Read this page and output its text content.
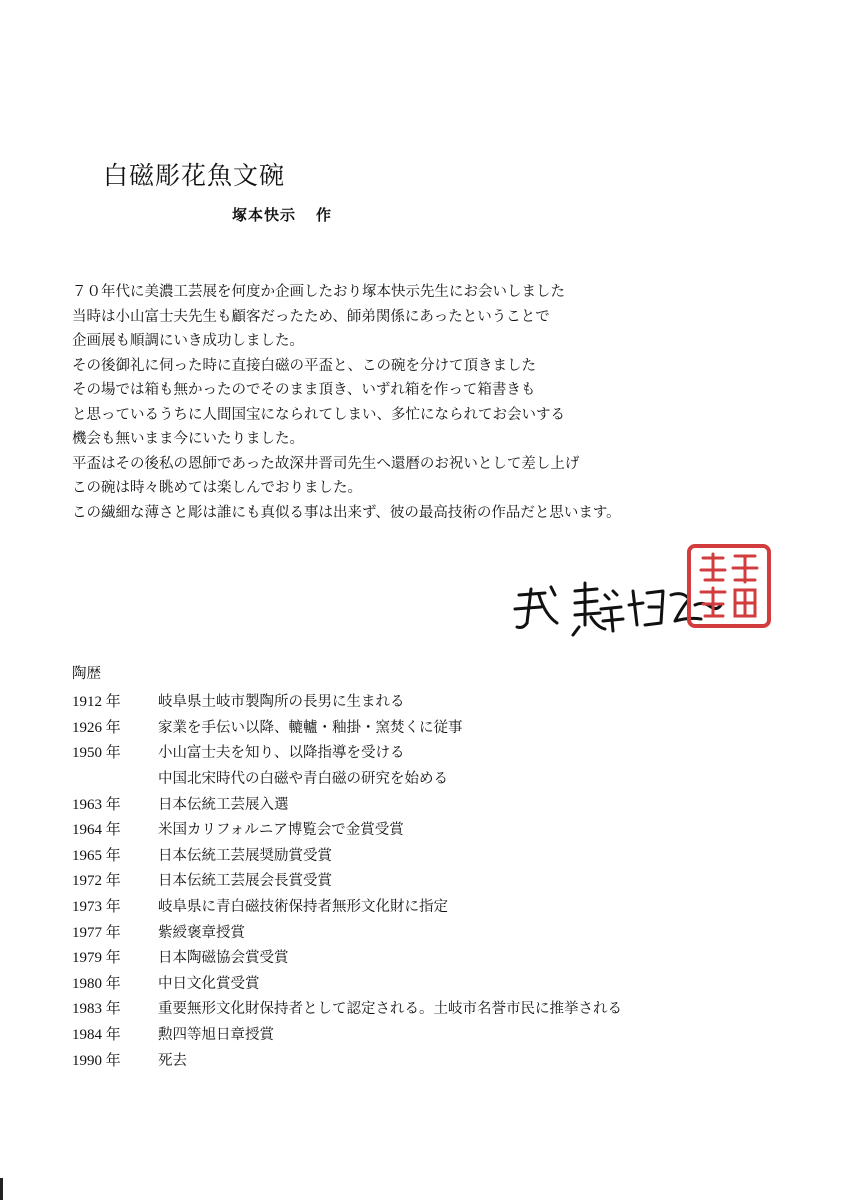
白磁彫花魚文碗
塚本快示 作
７０年代に美濃工芸展を何度か企画したおり塚本快示先生にお会いしました
当時は小山富士夫先生も顧客だったため、師弟関係にあったということで
企画展も順調にいき成功しました。
その後御礼に伺った時に直接白磁の平盃と、この碗を分けて頂きました
その場では箱も無かったのでそのまま頂き、いずれ箱を作って箱書きも
と思っているうちに人間国宝になられてしまい、多忙になられてお会いする
機会も無いまま今にいたりました。
平盃はその後私の恩師であった故深井晋司先生へ還暦のお祝いとして差し上げ
この碗は時々眺めては楽しんでおりました。
この繊細な薄さと彫は誰にも真似る事は出来ず、彼の最高技術の作品だと思います。
陶歴
1912 年	岐阜県土岐市製陶所の長男に生まれる
1926 年	家業を手伝い以降、轆轤・釉掛・窯焚くに従事
1950 年	小山富士夫を知り、以降指導を受ける
中国北宋時代の白磁や青白磁の研究を始める
1963 年	日本伝統工芸展入選
1964 年	米国カリフォルニア博覧会で金賞受賞
1965 年	日本伝統工芸展奨励賞受賞
1972 年	日本伝統工芸展会長賞受賞
1973 年	岐阜県に青白磁技術保持者無形文化財に指定
1977 年	紫綬褒章授賞
1979 年	日本陶磁協会賞受賞
1980 年	中日文化賞受賞
1983 年	重要無形文化財保持者として認定される。土岐市名誉市民に推挙される
1984 年	勲四等旭日章授賞
1990 年	死去
